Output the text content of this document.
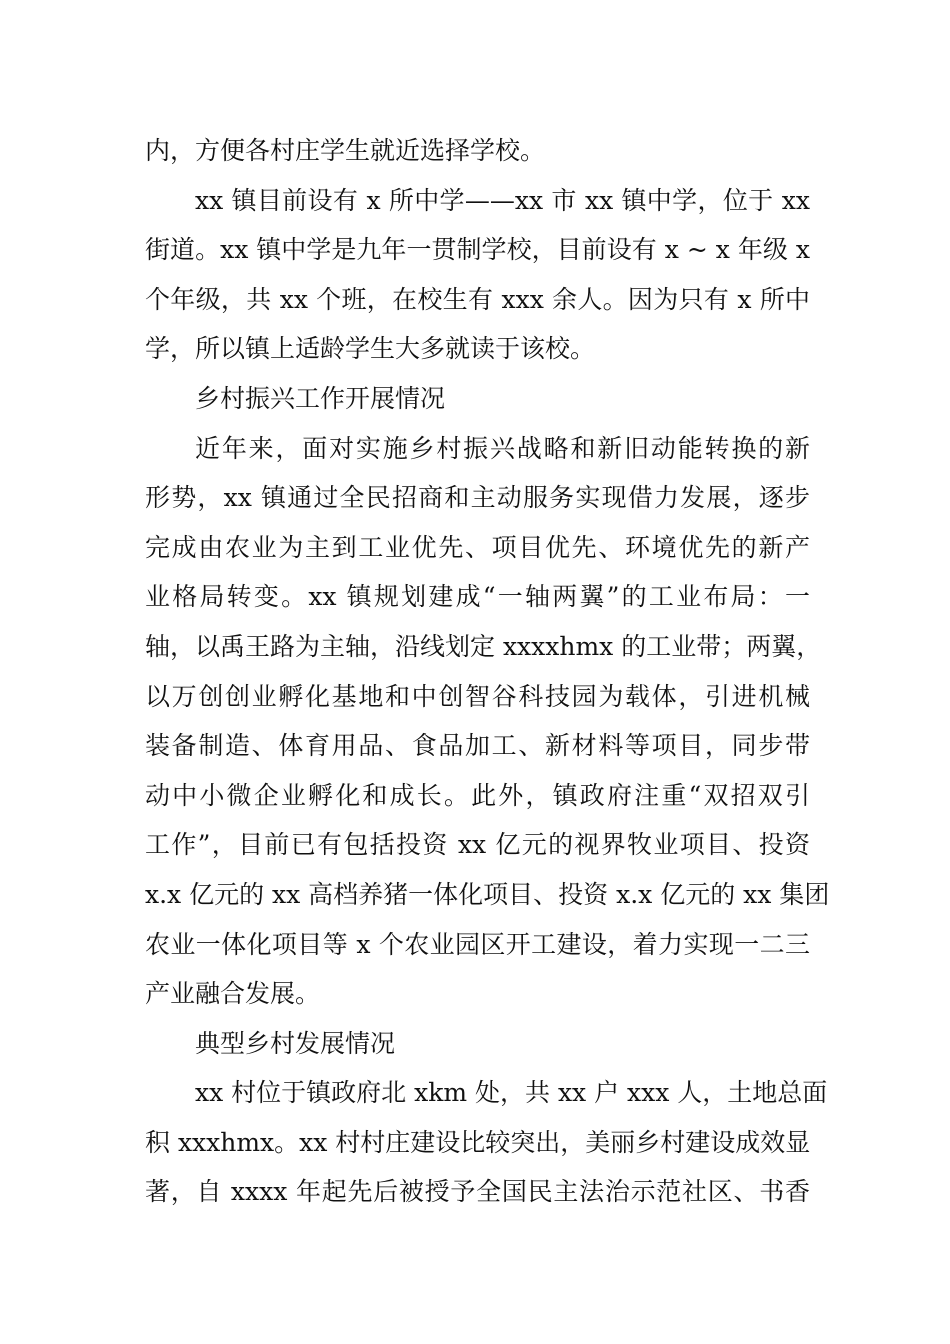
内，方便各村庄学生就近选择学校。
xx 镇目前设有 x 所中学——xx 市 xx 镇中学，位于 xx
街道。xx 镇中学是九年一贯制学校，目前设有 x ~ x 年级 x
个年级，共 xx 个班，在校生有 xxx 余人。因为只有 x 所中
学，所以镇上适龄学生大多就读于该校。
乡村振兴工作开展情况
近年来，面对实施乡村振兴战略和新旧动能转换的新
形势，xx 镇通过全民招商和主动服务实现借力发展，逐步
完成由农业为主到工业优先、项目优先、环境优先的新产
业格局转变。xx 镇规划建成“一轴两翼”的工业布局：一
轴，以禹王路为主轴，沿线划定 xxxxhmx 的工业带；两翼，
以万创创业孵化基地和中创智谷科技园为载体，引进机械
装备制造、体育用品、食品加工、新材料等项目，同步带
动中小微企业孵化和成长。此外，镇政府注重“双招双引
工作”，目前已有包括投资 xx 亿元的视界牧业项目、投资
x.x 亿元的 xx 高档养猪一体化项目、投资 x.x 亿元的 xx 集团
农业一体化项目等 x 个农业园区开工建设，着力实现一二三
产业融合发展。
典型乡村发展情况
xx 村位于镇政府北 xkm 处，共 xx 户 xxx 人，土地总面
积 xxxhmx。xx 村村庄建设比较突出，美丽乡村建设成效显
著，自 xxxx 年起先后被授予全国民主法治示范社区、书香
